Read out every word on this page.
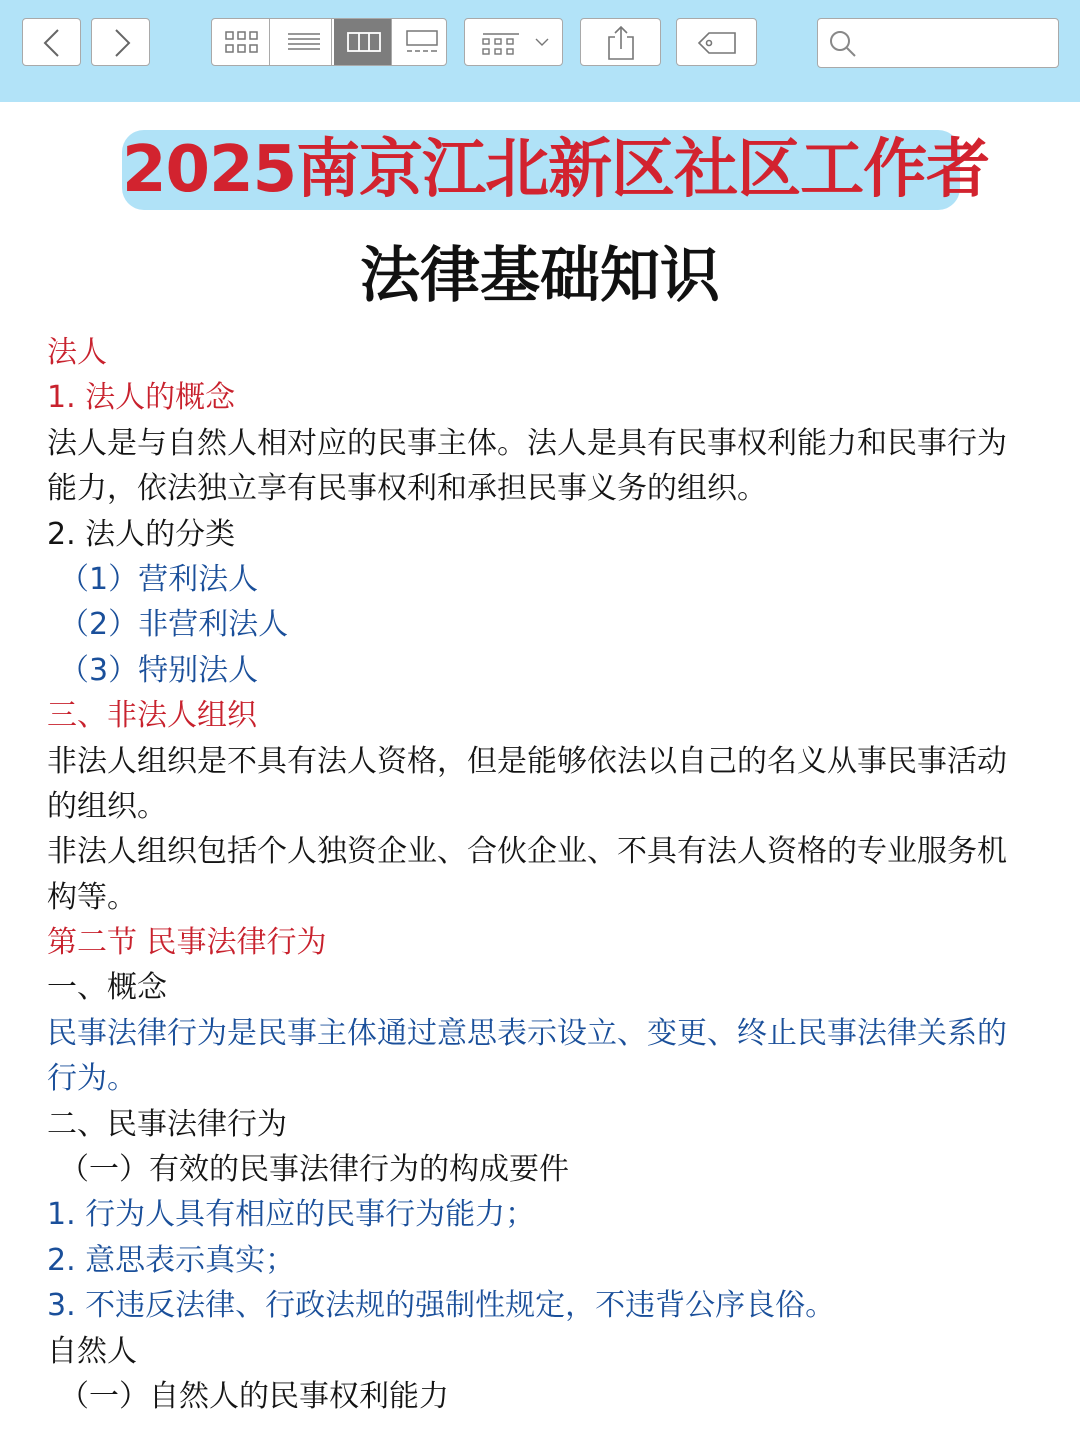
2025南京江北新区社区工作者
法律基础知识
法人
1. 法人的概念
法人是与自然人相对应的民事主体。法人是具有民事权利能力和民事行为
能力，依法独立享有民事权利和承担民事义务的组织。
2. 法人的分类
（1）营利法人
（2）非营利法人
（3）特别法人
三、非法人组织
非法人组织是不具有法人资格，但是能够依法以自己的名义从事民事活动
的组织。
非法人组织包括个人独资企业、合伙企业、不具有法人资格的专业服务机
构等。
第二节 民事法律行为
一、概念
民事法律行为是民事主体通过意思表示设立、变更、终止民事法律关系的
行为。
二、民事法律行为
（一）有效的民事法律行为的构成要件
1. 行为人具有相应的民事行为能力；
2. 意思表示真实；
3. 不违反法律、行政法规的强制性规定，不违背公序良俗。
自然人
（一）自然人的民事权利能力
